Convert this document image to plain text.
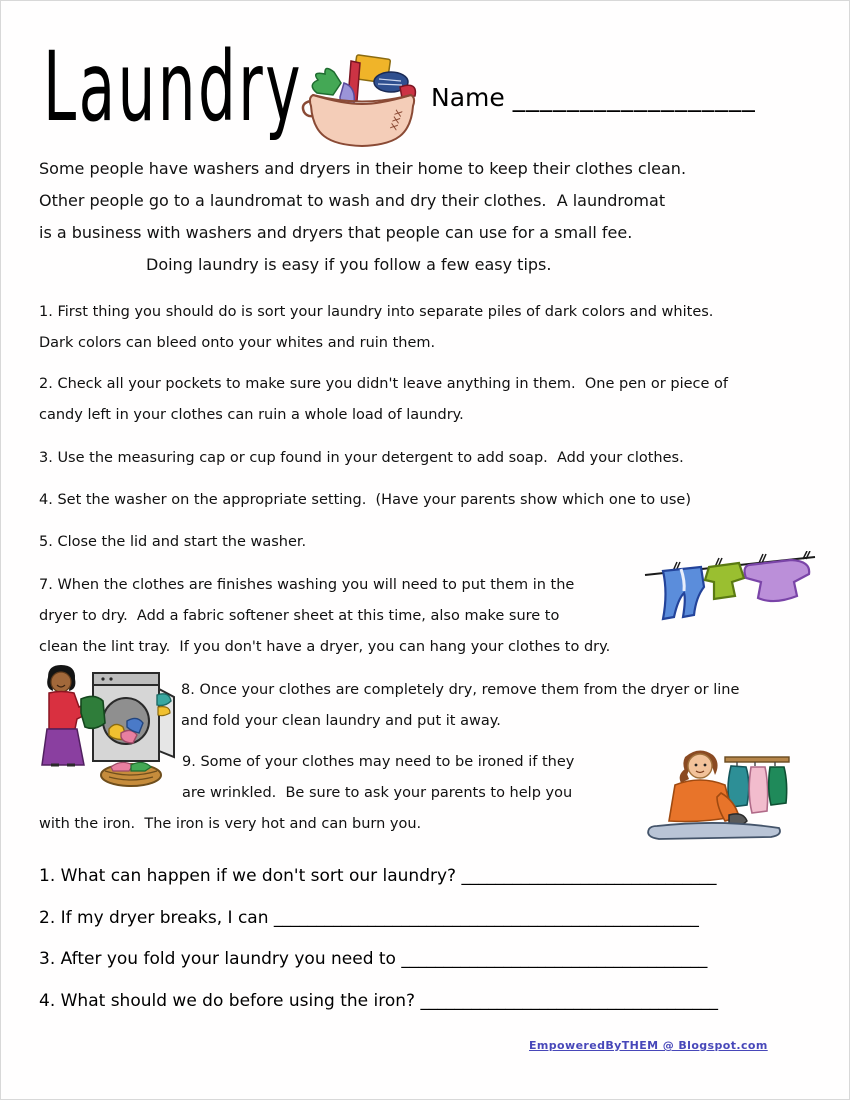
Laundry	xxx
Name __________________
Some people have washers and dryers in their home to keep their clothes clean.
Other people go to a laundromat to wash and dry their clothes.  A laundromat
is a business with washers and dryers that people can use for a small fee.
Doing laundry is easy if you follow a few easy tips.
1. First thing you should do is sort your laundry into separate piles of dark colors and whites.
Dark colors can bleed onto your whites and ruin them.
2. Check all your pockets to make sure you didn't leave anything in them.  One pen or piece of
candy left in your clothes can ruin a whole load of laundry.
3. Use the measuring cap or cup found in your detergent to add soap.  Add your clothes.
4. Set the washer on the appropriate setting.  (Have your parents show which one to use)
5. Close the lid and start the washer.
7. When the clothes are finishes washing you will need to put them in the
dryer to dry.  Add a fabric softener sheet at this time, also make sure to
clean the lint tray.  If you don't have a dryer, you can hang your clothes to dry.
8. Once your clothes are completely dry, remove them from the dryer or line
and fold your clean laundry and put it away.
9. Some of your clothes may need to be ironed if they
are wrinkled.  Be sure to ask your parents to help you
with the iron.  The iron is very hot and can burn you.
1. What can happen if we don't sort our laundry? ______________________________
2. If my dryer breaks, I can __________________________________________________
3. After you fold your laundry you need to ____________________________________
4. What should we do before using the iron? ___________________________________
EmpoweredByTHEM @ Blogspot.com
